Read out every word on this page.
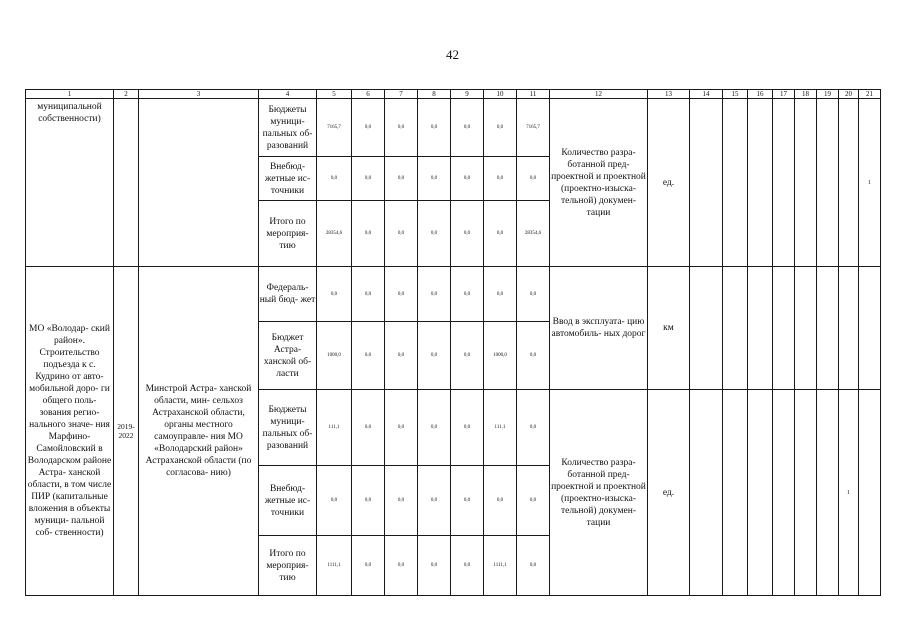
42
1	2	3	4	5	6	7	8	9	10	11	12	13	14	15	16	17	18	19	20	21
муниципальной собственности)			Бюджеты муници- пальных об- разований	7165,7	0,0	0,0	0,0	0,0	0,0	7165,7	Количество разра- ботанной пред- проектной и проектной (проектно-изыска- тельной) докумен- тации	ед.								1
			Внебюд- жетные ис- точники	0,0	0,0	0,0	0,0	0,0	0,0	0,0										
			Итого по мероприя- тию	28354,6	0,0	0,0	0,0	0,0	0,0	28354,6										
МО «Володар- ский район». Строительство подъезда к с. Кудрино от авто- мобильной доро- ги общего поль- зования регио- нального значе- ния Марфино- Самойловский в Володарском районе Астра- ханской области, в том числе ПИР (капитальные вложения в объекты муници- пальной соб- ственности)	2019- 2022	Минстрой Астра- ханской области, мин- сельхоз Астраханской области, органы местного самоуправле- ния МО «Володарский район» Астраханской области (по согласова- нию)	Федераль- ный бюд- жет	0,0	0,0	0,0	0,0	0,0	0,0	0,0	Ввод в эксплуата- цию автомобиль- ных дорог	км								
			Бюджет Астра- ханской об- ласти	1000,0	0,0	0,0	0,0	0,0	1000,0	0,0										
			Бюджеты муници- пальных об- разований	111,1	0,0	0,0	0,0	0,0	111,1	0,0	Количество разра- ботанной пред- проектной и проектной (проектно-изыска- тельной) докумен- тации	ед.							1	
			Внебюд- жетные ис- точники	0,0	0,0	0,0	0,0	0,0	0,0	0,0										
			Итого по мероприя- тию	1111,1	0,0	0,0	0,0	0,0	1111,1	0,0										
